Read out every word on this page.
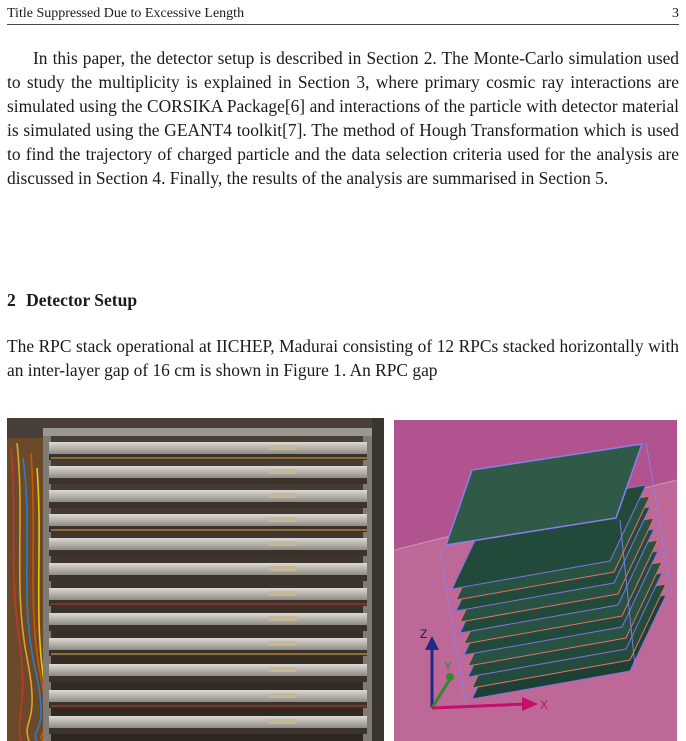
Title Suppressed Due to Excessive Length	3

In this paper, the detector setup is described in Section 2. The Monte-Carlo simulation used to study the multiplicity is explained in Section 3, where primary cosmic ray interactions are simulated using the CORSIKA Package[6] and interactions of the particle with detector material is simulated using the GEANT4 toolkit[7]. The method of Hough Transformation which is used to find the trajectory of charged particle and the data selection criteria used for the analysis are discussed in Section 4. Finally, the results of the analysis are summarised in Section 5.

2 Detector Setup

The RPC stack operational at IICHEP, Madurai consisting of 12 RPCs stacked horizontally with an inter-layer gap of 16 cm is shown in Figure 1. An RPC gap

Z
Y
X
